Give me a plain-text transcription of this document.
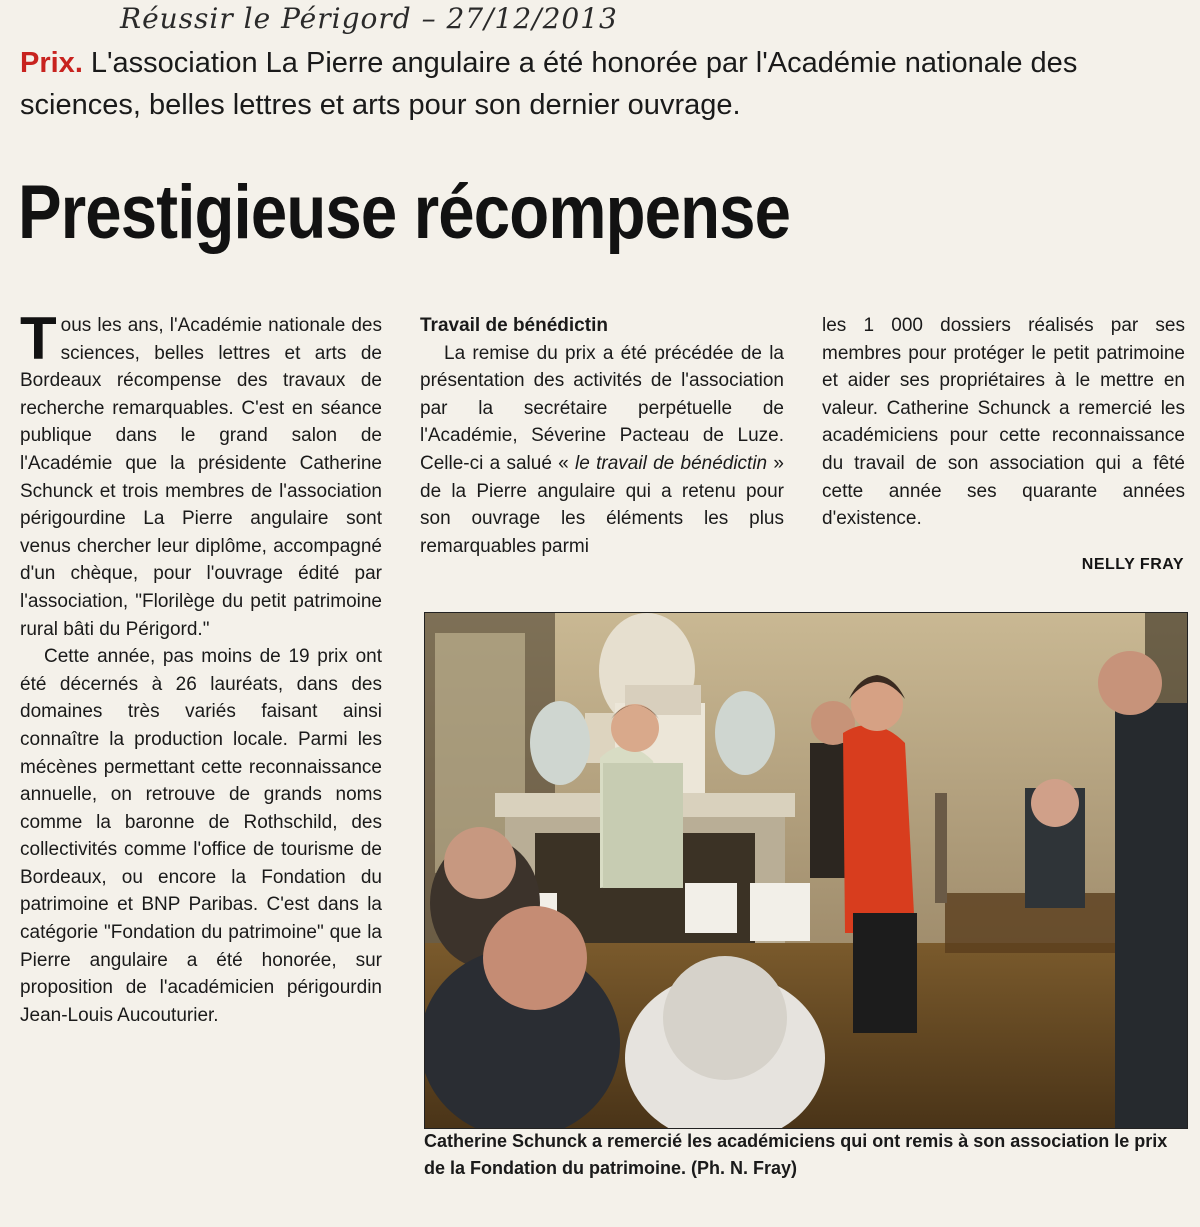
Réussir le Périgord – 27/12/2013
Prix. L'association La Pierre angulaire a été honorée par l'Académie nationale des sciences, belles lettres et arts pour son dernier ouvrage.
Prestigieuse récompense

Tous les ans, l'Académie nationale des sciences, belles lettres et arts de Bordeaux récompense des travaux de recherche remarquables. C'est en séance publique dans le grand salon de l'Académie que la présidente Catherine Schunck et trois membres de l'association périgourdine La Pierre angulaire sont venus chercher leur diplôme, accompagné d'un chèque, pour l'ouvrage édité par l'association, "Florilège du petit patrimoine rural bâti du Périgord."

Cette année, pas moins de 19 prix ont été décernés à 26 lauréats, dans des domaines très variés faisant ainsi connaître la production locale. Parmi les mécènes permettant cette reconnaissance annuelle, on retrouve de grands noms comme la baronne de Rothschild, des collectivités comme l'office de tourisme de Bordeaux, ou encore la Fondation du patrimoine et BNP Paribas. C'est dans la catégorie "Fondation du patrimoine" que la Pierre angulaire a été honorée, sur proposition de l'académicien périgourdin Jean-Louis Aucouturier.

Travail de bénédictin

La remise du prix a été précédée de la présentation des activités de l'association par la secrétaire perpétuelle de l'Académie, Séverine Pacteau de Luze. Celle-ci a salué « le travail de bénédictin » de la Pierre angulaire qui a retenu pour son ouvrage les éléments les plus remarquables parmi

les 1 000 dossiers réalisés par ses membres pour protéger le petit patrimoine et aider ses propriétaires à le mettre en valeur. Catherine Schunck a remercié les académiciens pour cette reconnaissance du travail de son association qui a fêté cette année ses quarante années d'existence.

NELLY FRAY
Catherine Schunck a remercié les académiciens qui ont remis à son association le prix de la Fondation du patrimoine. (Ph. N. Fray)
